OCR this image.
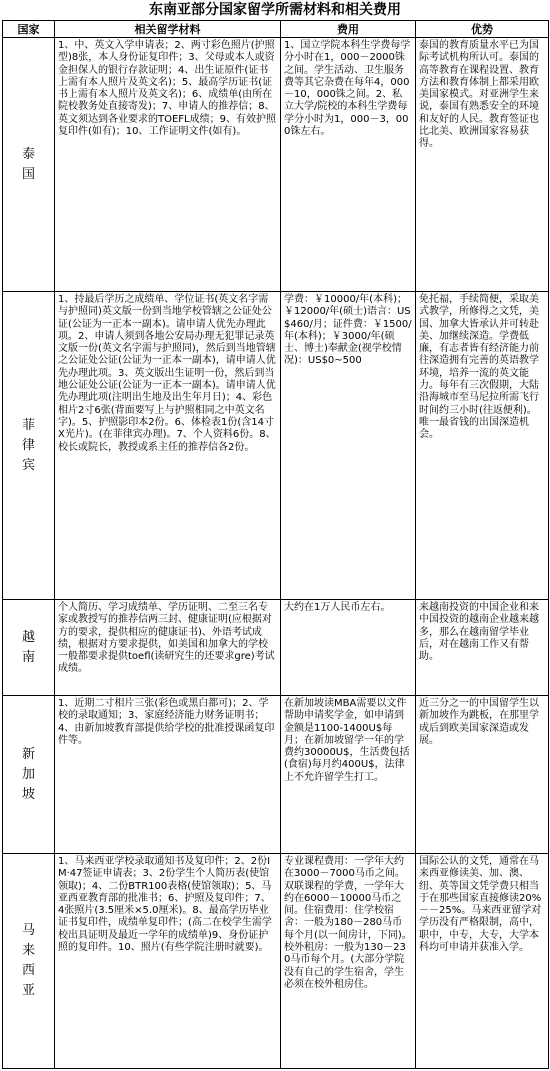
东南亚部分国家留学所需材料和相关费用
国家	相关留学材料	费用	优势
泰国	1、中、英文入学申请表；2、两寸彩色照片(护照型)8张，本人身份证复印件；3、父母或本人或资金担保人的银行存款证明；4、出生证原件(证书上需有本人照片及英文名)；5、最高学历证书(证书上需有本人照片及英文名)；6、成绩单(由所在院校教务处直接寄发)；7、申请人的推荐信；8、英文须达到各业要求的TOEFL成绩；9、有效护照复印件(如有)；10、工作证明文件(如有)。	1、国立学院本科生学费每学分小时在1，000－2000铢之间。学生活动、卫生服务费等其它杂费在每年4，000－10，000铢之间。2、私立大学/院校的本科生学费每学分小时为1，000－3，000铢左右。	泰国的教育质量水平已为国际考试机构所认可。泰国的高等教育在课程设置、教育方法和教育体制上都采用欧美国家模式。对亚洲学生来说，泰国有熟悉安全的环境和友好的人民。教育签证也比北美、欧洲国家容易获得。

菲律宾	1、持最后学历之成绩单、学位证书(英文名字需与护照同)英文版一份到当地学校管辖之公证处公证(公证为一正本一副本)。请申请人优先办理此项。2、申请人须到各地公安局办理无犯罪记录英文版一份(英文名字需与护照同)，然后到当地管辖之公证处公证(公证为一正本一副本)，请申请人优先办理此项。3、英文版出生证明一份，然后到当地公证处公证(公证为一正本一副本)。请申请人优先办理此项(注明出生地及出生年月日)；4、彩色相片2寸6张(背面要写上与护照相同之中英文名字)。5、护照影印本2份。6、体检表1份(含14寸X光片)。(在菲律宾办理)。7、个人资料6份。8、校长或院长，教授或系主任的推荐信各2份。	学费：￥10000/年(本科)；￥12000/年(硕士)语言：US$460/月；证件费：￥1500/年(本科)；￥3000/年(硕士、博士)奉献金(视学校情况)：US$0~500	免托福，手续简便，采取美式教学，所修得之文凭，美国、加拿大皆承认并可转赴美、加继续深造。学费低廉，有志者皆有经济能力前往深造拥有完善的英语教学环境，培养一流的英文能力。每年有三次假期，大陆沿海城市至马尼拉所需飞行时间约三小时(往返便利)。唯一最省钱的出国深造机会。

越南	个人简历、学习成绩单、学历证明、二至三名专家或教授写的推荐信两三封、健康证明(应根据对方的要求，提供相应的健康证书)、外语考试成绩，根据对方要求提供，如美国和加拿大的学校一般都要求提供toefl(读研究生的还要求gre)考试成绩。	大约在1万人民币左右。	来越南投资的中国企业和来中国投资的越南企业越来越多，那么在越南留学毕业后，对在越南工作又有帮助。

新加坡	1、近期二寸相片三张(彩色或黑白都可)；2、学校的录取通知；3、家庭经济能力财务证明书；4、由新加坡教育部提供给学校的批准授课函复印件等。	在新加坡读MBA需要以文件帮助申请奖学金，如申请到金额是1100-1400U$每月；在新加坡留学一年的学费约30000U$，生活费包括(食宿)每月约400U$，法律上不允许留学生打工。	近三分之一的中国留学生以新加坡作为跳板，在那里学成后到欧美国家深造或发展。

马来西亚	1、马来西亚学校录取通知书及复印件；2、2份IM·47签证申请表；3、2份学生个人简历表(使馆领取)；4、二份BTR100表格(使馆领取)；5、马亚西亚教育部的批准书；6、护照及复印件；7、4张照片(3.5厘米×5.0厘米)。8、最高学历毕业证书复印件，成绩单复印件；(高二在校学生需学校出具证明及最近一学年的成绩单)9、身份证护照的复印件。10、照片(有些学院注册时就要)。	专业课程费用：一学年大约在3000－7000马币之间。双联课程的学费，一学年大约在6000－10000马币之间。住宿费用：住学校宿舍：一般为180－280马币每个月(以一间房计，下同)。校外租房：一般为130－230马币每个月。(大部分学院没有自己的学生宿舍，学生必须在校外租房住。	国际公认的文凭，通常在马来西亚修读美、加、澳、纽、英等国文凭学费只相当于在那些国家直接修读20%－－25%。马来西亚留学对学历没有严格限制，高中，职中，中专，大专，大学本科均可申请并获准入学。
